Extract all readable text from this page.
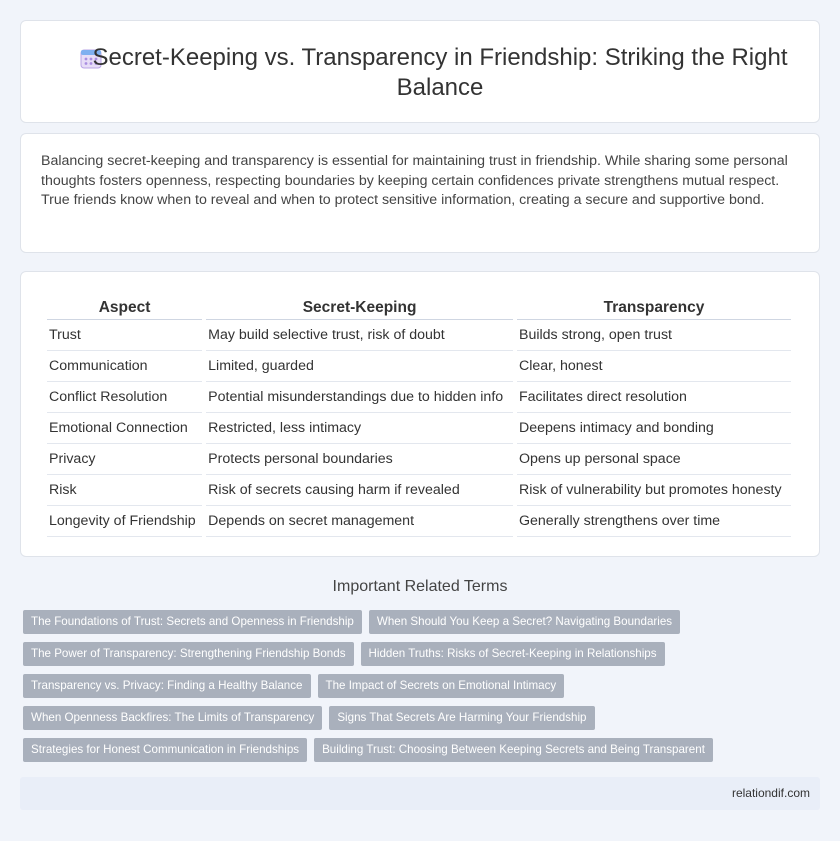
Secret-Keeping vs. Transparency in Friendship: Striking the Right Balance

Balancing secret-keeping and transparency is essential for maintaining trust in friendship. While sharing some personal thoughts fosters openness, respecting boundaries by keeping certain confidences private strengthens mutual respect. True friends know when to reveal and when to protect sensitive information, creating a secure and supportive bond.

Aspect	Secret-Keeping	Transparency
Trust	May build selective trust, risk of doubt	Builds strong, open trust
Communication	Limited, guarded	Clear, honest
Conflict Resolution	Potential misunderstandings due to hidden info	Facilitates direct resolution
Emotional Connection	Restricted, less intimacy	Deepens intimacy and bonding
Privacy	Protects personal boundaries	Opens up personal space
Risk	Risk of secrets causing harm if revealed	Risk of vulnerability but promotes honesty
Longevity of Friendship	Depends on secret management	Generally strengthens over time
Important Related Terms
The Foundations of Trust: Secrets and Openness in Friendship	When Should You Keep a Secret? Navigating Boundaries
The Power of Transparency: Strengthening Friendship Bonds	Hidden Truths: Risks of Secret-Keeping in Relationships
Transparency vs. Privacy: Finding a Healthy Balance	The Impact of Secrets on Emotional Intimacy
When Openness Backfires: The Limits of Transparency	Signs That Secrets Are Harming Your Friendship
Strategies for Honest Communication in Friendships	Building Trust: Choosing Between Keeping Secrets and Being Transparent
relationdif.com
